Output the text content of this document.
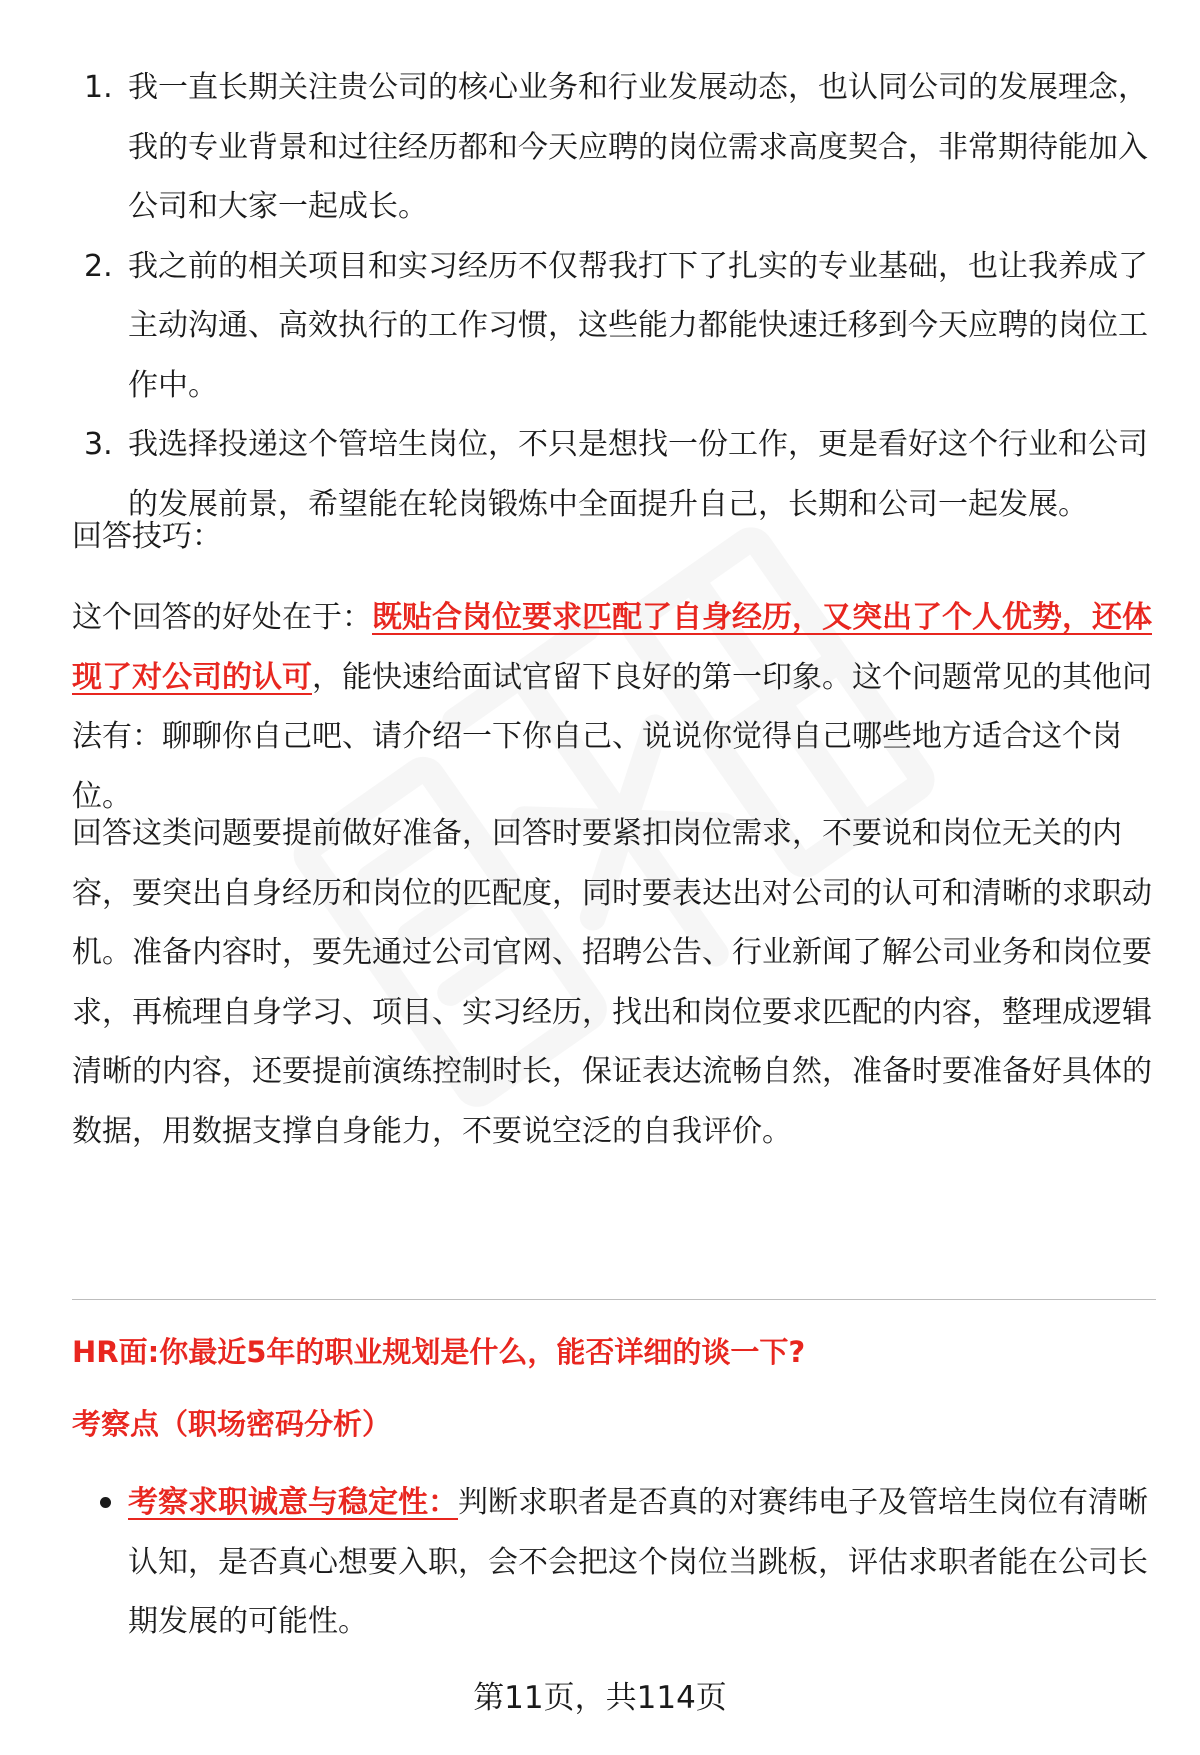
1. 我一直长期关注贵公司的核心业务和行业发展动态，也认同公司的发展理念，我的专业背景和过往经历都和今天应聘的岗位需求高度契合，非常期待能加入公司和大家一起成长。
2. 我之前的相关项目和实习经历不仅帮我打下了扎实的专业基础，也让我养成了主动沟通、高效执行的工作习惯，这些能力都能快速迁移到今天应聘的岗位工作中。
3. 我选择投递这个管培生岗位，不只是想找一份工作，更是看好这个行业和公司的发展前景，希望能在轮岗锻炼中全面提升自己，长期和公司一起发展。

回答技巧：

这个回答的好处在于：既贴合岗位要求匹配了自身经历，又突出了个人优势，还体现了对公司的认可，能快速给面试官留下良好的第一印象。这个问题常见的其他问法有：聊聊你自己吧、请介绍一下你自己、说说你觉得自己哪些地方适合这个岗位。

回答这类问题要提前做好准备，回答时要紧扣岗位需求，不要说和岗位无关的内容，要突出自身经历和岗位的匹配度，同时要表达出对公司的认可和清晰的求职动机。准备内容时，要先通过公司官网、招聘公告、行业新闻了解公司业务和岗位要求，再梳理自身学习、项目、实习经历，找出和岗位要求匹配的内容，整理成逻辑清晰的内容，还要提前演练控制时长，保证表达流畅自然，准备时要准备好具体的数据，用数据支撑自身能力，不要说空泛的自我评价。

HR面:你最近5年的职业规划是什么，能否详细的谈一下?

考察点（职场密码分析）

考察求职诚意与稳定性：判断求职者是否真的对赛纬电子及管培生岗位有清晰认知，是否真心想要入职，会不会把这个岗位当跳板，评估求职者能在公司长期发展的可能性。

第11页，共114页
